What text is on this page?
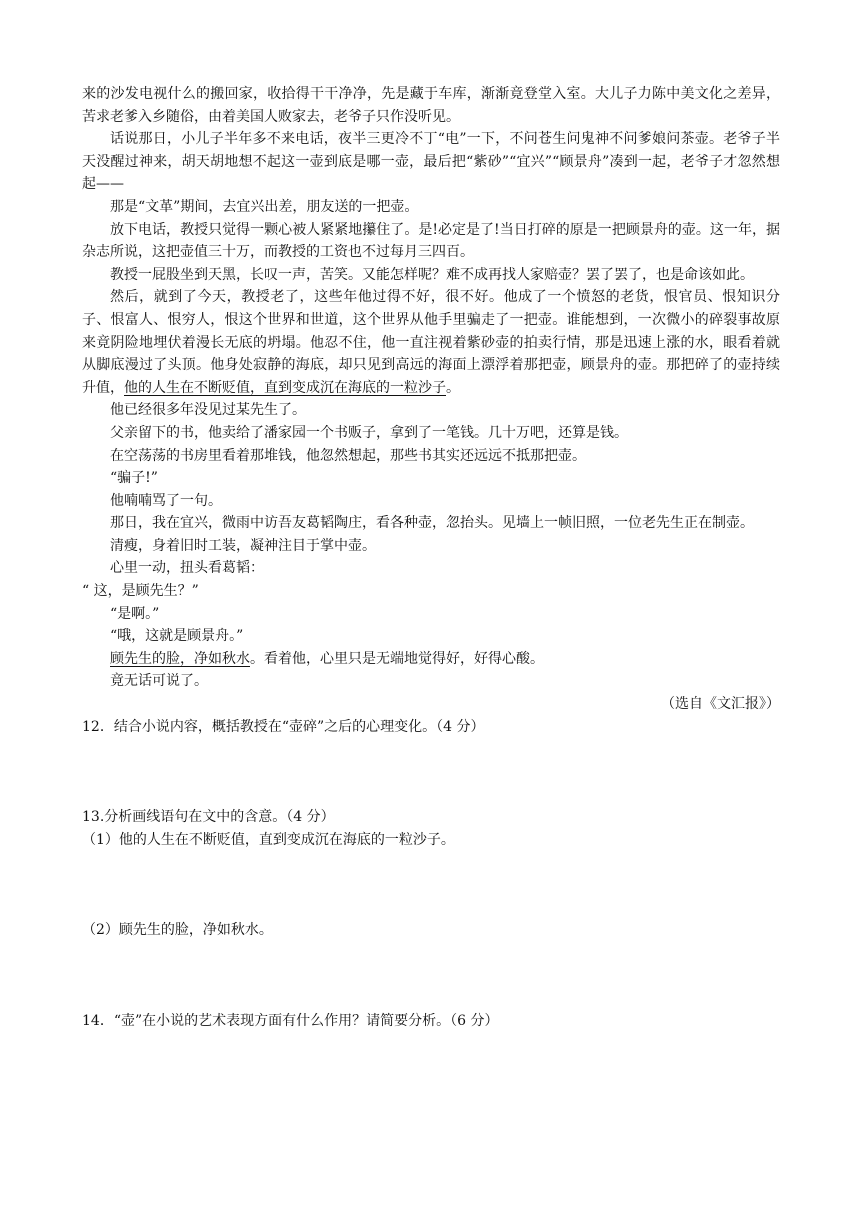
来的沙发电视什么的搬回家，收拾得干干净净，先是藏于车库，渐渐竟登堂入室。大儿子力陈中美文化之差异，苦求老爹入乡随俗，由着美国人败家去，老爷子只作没听见。

话说那日，小儿子半年多不来电话，夜半三更冷不丁“电”一下，不问苍生问鬼神不问爹娘问茶壶。老爷子半天没醒过神来，胡天胡地想不起这一壶到底是哪一壶，最后把“紫砂”“宜兴”“顾景舟”凑到一起，老爷子才忽然想起——

那是“文革”期间，去宜兴出差，朋友送的一把壶。

放下电话，教授只觉得一颗心被人紧紧地攥住了。是!必定是了!当日打碎的原是一把顾景舟的壶。这一年，据杂志所说，这把壶值三十万，而教授的工资也不过每月三四百。

教授一屁股坐到天黑，长叹一声，苦笑。又能怎样呢？难不成再找人家赔壶？罢了罢了，也是命该如此。

然后，就到了今天，教授老了，这些年他过得不好，很不好。他成了一个愤怒的老货，恨官员、恨知识分子、恨富人、恨穷人，恨这个世界和世道，这个世界从他手里骗走了一把壶。谁能想到，一次微小的碎裂事故原来竟阴险地埋伏着漫长无底的坍塌。他忍不住，他一直注视着紫砂壶的拍卖行情，那是迅速上涨的水，眼看着就从脚底漫过了头顶。他身处寂静的海底，却只见到高远的海面上漂浮着那把壶，顾景舟的壶。那把碎了的壶持续升值，他的人生在不断贬值，直到变成沉在海底的一粒沙子。

他已经很多年没见过某先生了。

父亲留下的书，他卖给了潘家园一个书贩子，拿到了一笔钱。几十万吧，还算是钱。

在空荡荡的书房里看着那堆钱，他忽然想起，那些书其实还远远不抵那把壶。

“骗子!”

他喃喃骂了一句。

那日，我在宜兴，微雨中访吾友葛韬陶庄，看各种壶，忽抬头。见墙上一帧旧照，一位老先生正在制壶。

清瘦，身着旧时工装，凝神注目于掌中壶。

心里一动，扭头看葛韬：

“ 这，是顾先生？”

“是啊。”

“哦，这就是顾景舟。”

顾先生的脸，净如秋水。看着他，心里只是无端地觉得好，好得心酸。

竟无话可说了。

（选自《文汇报》）

12．结合小说内容，概括教授在“壶碎”之后的心理变化。（4 分）

13.分析画线语句在文中的含意。（4 分）

（1）他的人生在不断贬值，直到变成沉在海底的一粒沙子。

（2）顾先生的脸，净如秋水。

14．“壶”在小说的艺术表现方面有什么作用？请简要分析。（6 分）
